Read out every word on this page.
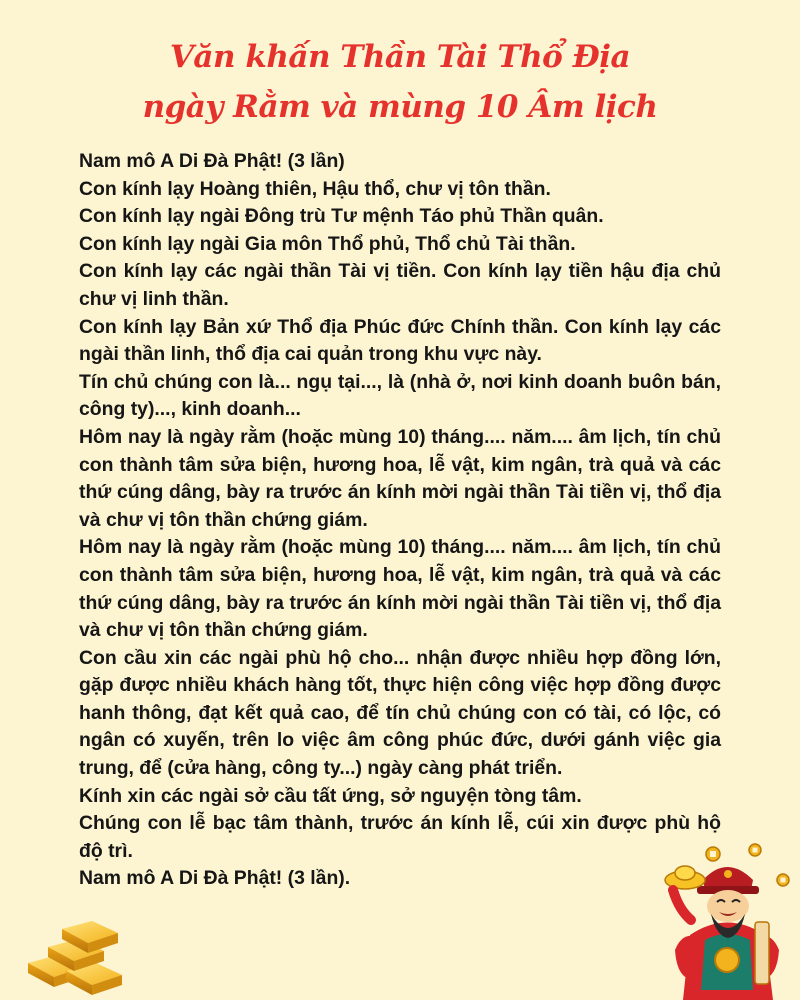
Văn khấn Thần Tài Thổ Địa
ngày Rằm và mùng 10 Âm lịch

Nam mô A Di Đà Phật! (3 lần)

Con kính lạy Hoàng thiên, Hậu thổ, chư vị tôn thần.

Con kính lạy ngài Đông trù Tư mệnh Táo phủ Thần quân.

Con kính lạy ngài Gia môn Thổ phủ, Thổ chủ Tài thần.

Con kính lạy các ngài thần Tài vị tiền. Con kính lạy tiền hậu địa chủ chư vị linh thần.

Con kính lạy Bản xứ Thổ địa Phúc đức Chính thần. Con kính lạy các ngài thần linh, thổ địa cai quản trong khu vực này.

Tín chủ chúng con là... ngụ tại..., là (nhà ở, nơi kinh doanh buôn bán, công ty)..., kinh doanh...

Hôm nay là ngày rằm (hoặc mùng 10) tháng.... năm.... âm lịch, tín chủ con thành tâm sửa biện, hương hoa, lễ vật, kim ngân, trà quả và các thứ cúng dâng, bày ra trước án kính mời ngài thần Tài tiền vị, thổ địa và chư vị tôn thần chứng giám.

Hôm nay là ngày rằm (hoặc mùng 10) tháng.... năm.... âm lịch, tín chủ con thành tâm sửa biện, hương hoa, lễ vật, kim ngân, trà quả và các thứ cúng dâng, bày ra trước án kính mời ngài thần Tài tiền vị, thổ địa và chư vị tôn thần chứng giám.

Con cầu xin các ngài phù hộ cho... nhận được nhiều hợp đồng lớn, gặp được nhiều khách hàng tốt, thực hiện công việc hợp đồng được hanh thông, đạt kết quả cao, để tín chủ chúng con có tài, có lộc, có ngân có xuyến, trên lo việc âm công phúc đức, dưới gánh việc gia trung, để (cửa hàng, công ty...) ngày càng phát triển.

Kính xin các ngài sở cầu tất ứng, sở nguyện tòng tâm.

Chúng con lễ bạc tâm thành, trước án kính lễ, cúi xin được phù hộ độ trì.

Nam mô A Di Đà Phật! (3 lần).
